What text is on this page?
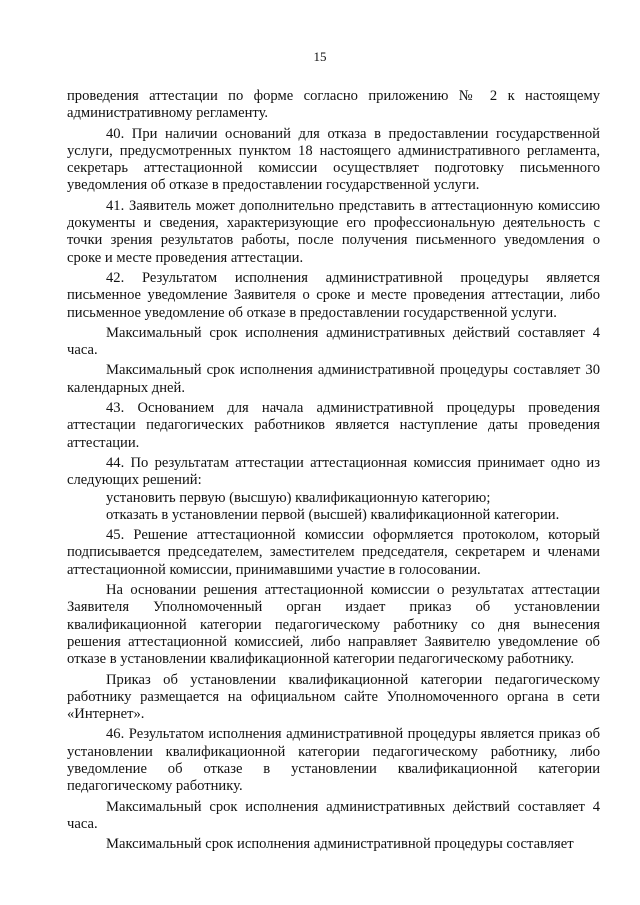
15

проведения аттестации по форме согласно приложению № 2 к настоящему административному регламенту.

40. При наличии оснований для отказа в предоставлении государственной услуги, предусмотренных пунктом 18 настоящего административного регламента, секретарь аттестационной комиссии осуществляет подготовку письменного уведомления об отказе в предоставлении государственной услуги.

41. Заявитель может дополнительно представить в аттестационную комиссию документы и сведения, характеризующие его профессиональную деятельность с точки зрения результатов работы, после получения письменного уведомления о сроке и месте проведения аттестации.

42. Результатом исполнения административной процедуры является письменное уведомление Заявителя о сроке и месте проведения аттестации, либо письменное уведомление об отказе в предоставлении государственной услуги.

Максимальный срок исполнения административных действий составляет 4 часа.

Максимальный срок исполнения административной процедуры составляет 30 календарных дней.

43. Основанием для начала административной процедуры проведения аттестации педагогических работников является наступление даты проведения аттестации.

44. По результатам аттестации аттестационная комиссия принимает одно из следующих решений:

установить первую (высшую) квалификационную категорию;

отказать в установлении первой (высшей) квалификационной категории.

45. Решение аттестационной комиссии оформляется протоколом, который подписывается председателем, заместителем председателя, секретарем и членами аттестационной комиссии, принимавшими участие в голосовании.

На основании решения аттестационной комиссии о результатах аттестации Заявителя Уполномоченный орган издает приказ об установлении квалификационной категории педагогическому работнику со дня вынесения решения аттестационной комиссией, либо направляет Заявителю уведомление об отказе в установлении квалификационной категории педагогическому работнику.

Приказ об установлении квалификационной категории педагогическому работнику размещается на официальном сайте Уполномоченного органа в сети «Интернет».

46. Результатом исполнения административной процедуры является приказ об установлении квалификационной категории педагогическому работнику, либо уведомление об отказе в установлении квалификационной категории педагогическому работнику.

Максимальный срок исполнения административных действий составляет 4 часа.

Максимальный срок исполнения административной процедуры составляет
